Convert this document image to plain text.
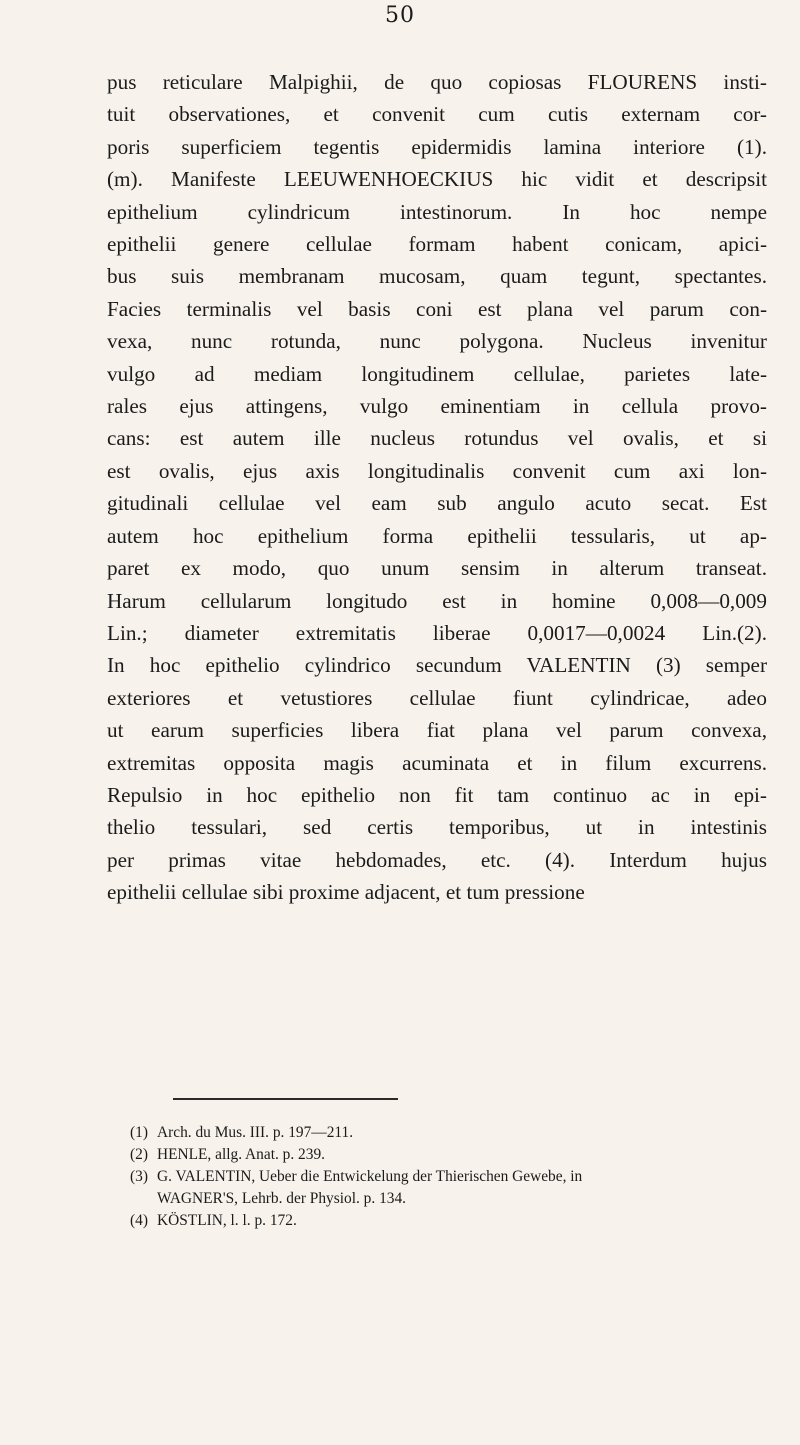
50
pus reticulare Malpighii, de quo copiosas FLOURENS insti-
tuit observationes, et convenit cum cutis externam cor-
poris superficiem tegentis epidermidis lamina interiore (1).
(m). Manifeste LEEUWENHOECKIUS hic vidit et descripsit
epithelium cylindricum intestinorum. In hoc nempe
epithelii genere cellulae formam habent conicam, apici-
bus suis membranam mucosam, quam tegunt, spectantes.
Facies terminalis vel basis coni est plana vel parum con-
vexa, nunc rotunda, nunc polygona. Nucleus invenitur
vulgo ad mediam longitudinem cellulae, parietes late-
rales ejus attingens, vulgo eminentiam in cellula provo-
cans: est autem ille nucleus rotundus vel ovalis, et si
est ovalis, ejus axis longitudinalis convenit cum axi lon-
gitudinali cellulae vel eam sub angulo acuto secat. Est
autem hoc epithelium forma epithelii tessularis, ut ap-
paret ex modo, quo unum sensim in alterum transeat.
Harum cellularum longitudo est in homine 0,008—0,009
Lin.; diameter extremitatis liberae 0,0017—0,0024 Lin.(2).
In hoc epithelio cylindrico secundum VALENTIN (3) semper
exteriores et vetustiores cellulae fiunt cylindricae, adeo
ut earum superficies libera fiat plana vel parum convexa,
extremitas opposita magis acuminata et in filum excurrens.
Repulsio in hoc epithelio non fit tam continuo ac in epi-
thelio tessulari, sed certis temporibus, ut in intestinis
per primas vitae hebdomades, etc. (4). Interdum hujus
epithelii cellulae sibi proxime adjacent, et tum pressione
(1) Arch. du Mus. III. p. 197—211.
(2) HENLE, allg. Anat. p. 239.
(3) G. VALENTIN, Ueber die Entwickelung der Thierischen Gewebe, in
WAGNER'S, Lehrb. der Physiol. p. 134.
(4) KÖSTLIN, l. l. p. 172.
